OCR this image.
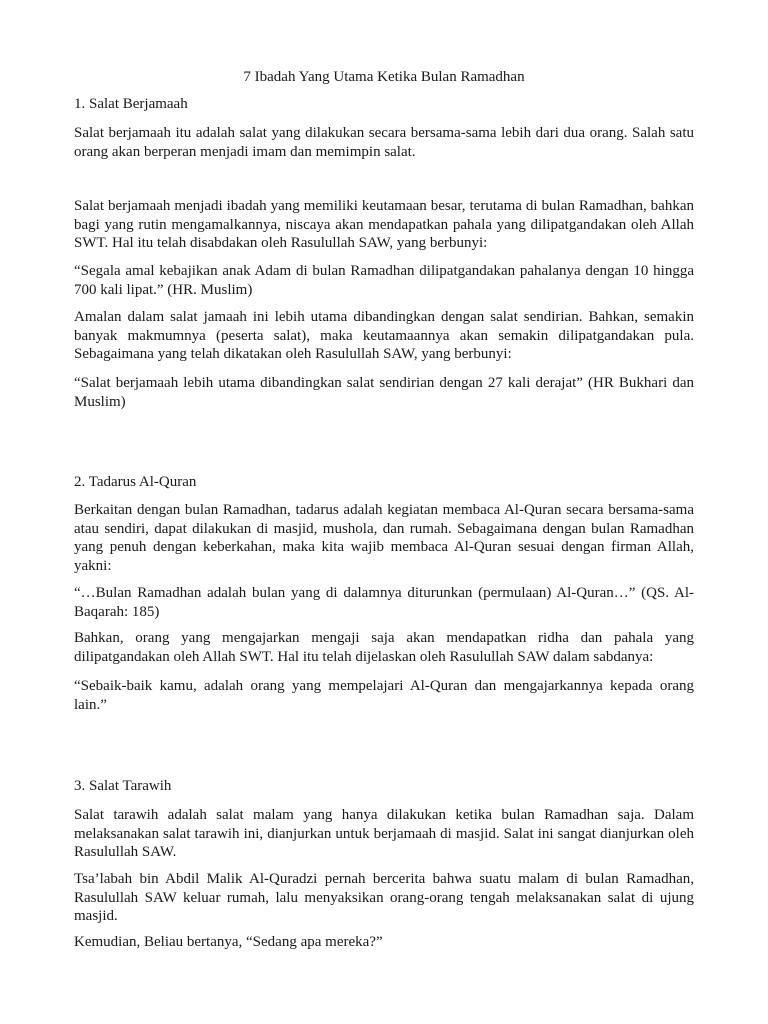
7 Ibadah Yang Utama Ketika Bulan Ramadhan

1. Salat Berjamaah

Salat berjamaah itu adalah salat yang dilakukan secara bersama-sama lebih dari dua orang. Salah satu orang akan berperan menjadi imam dan memimpin salat.

Salat berjamaah menjadi ibadah yang memiliki keutamaan besar, terutama di bulan Ramadhan, bahkan bagi yang rutin mengamalkannya, niscaya akan mendapatkan pahala yang dilipatgandakan oleh Allah SWT. Hal itu telah disabdakan oleh Rasulullah SAW, yang berbunyi:

“Segala amal kebajikan anak Adam di bulan Ramadhan dilipatgandakan pahalanya dengan 10 hingga 700 kali lipat.” (HR. Muslim)

Amalan dalam salat jamaah ini lebih utama dibandingkan dengan salat sendirian. Bahkan, semakin banyak makmumnya (peserta salat), maka keutamaannya akan semakin dilipatgandakan pula. Sebagaimana yang telah dikatakan oleh Rasulullah SAW, yang berbunyi:

“Salat berjamaah lebih utama dibandingkan salat sendirian dengan 27 kali derajat” (HR Bukhari dan Muslim)

2. Tadarus Al-Quran

Berkaitan dengan bulan Ramadhan, tadarus adalah kegiatan membaca Al-Quran secara bersama-sama atau sendiri, dapat dilakukan di masjid, mushola, dan rumah. Sebagaimana dengan bulan Ramadhan yang penuh dengan keberkahan, maka kita wajib membaca Al-Quran sesuai dengan firman Allah, yakni:

“…Bulan Ramadhan adalah bulan yang di dalamnya diturunkan (permulaan) Al-Quran…” (QS. Al-Baqarah: 185)

Bahkan, orang yang mengajarkan mengaji saja akan mendapatkan ridha dan pahala yang dilipatgandakan oleh Allah SWT. Hal itu telah dijelaskan oleh Rasulullah SAW dalam sabdanya:

“Sebaik-baik kamu, adalah orang yang mempelajari Al-Quran dan mengajarkannya kepada orang lain.”

3. Salat Tarawih

Salat tarawih adalah salat malam yang hanya dilakukan ketika bulan Ramadhan saja. Dalam melaksanakan salat tarawih ini, dianjurkan untuk berjamaah di masjid. Salat ini sangat dianjurkan oleh Rasulullah SAW.

Tsa’labah bin Abdil Malik Al-Quradzi pernah bercerita bahwa suatu malam di bulan Ramadhan, Rasulullah SAW keluar rumah, lalu menyaksikan orang-orang tengah melaksanakan salat di ujung masjid.

Kemudian, Beliau bertanya, “Sedang apa mereka?”
